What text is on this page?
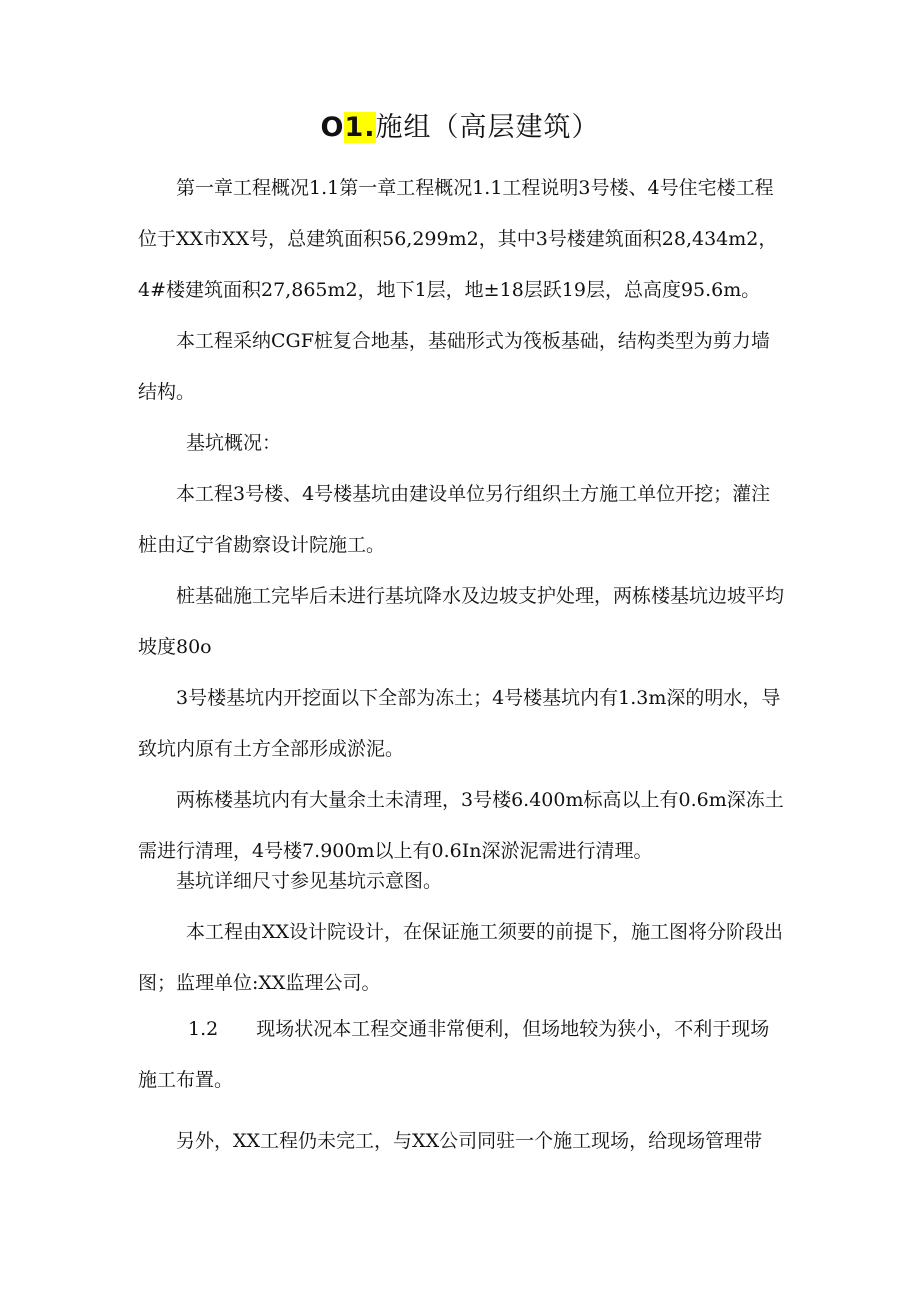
O1.施组（高层建筑）

第一章工程概况1.1第一章工程概况1.1工程说明3号楼、4号住宅楼工程位于XX市XX号，总建筑面积56,299m2，其中3号楼建筑面积28,434m2，4#楼建筑面积27,865m2，地下1层，地±18层跃19层，总高度95.6m。

本工程采纳CGF桩复合地基，基础形式为筏板基础，结构类型为剪力墙结构。

基坑概况：

本工程3号楼、4号楼基坑由建设单位另行组织土方施工单位开挖；灌注桩由辽宁省勘察设计院施工。

桩基础施工完毕后未进行基坑降水及边坡支护处理，两栋楼基坑边坡平均坡度80o

3号楼基坑内开挖面以下全部为冻土；4号楼基坑内有1.3m深的明水，导致坑内原有土方全部形成淤泥。

两栋楼基坑内有大量余土未清理，3号楼6.400m标高以上有0.6m深冻土需进行清理，4号楼7.900m以上有0.6In深淤泥需进行清理。

基坑详细尺寸参见基坑示意图。

本工程由XX设计院设计，在保证施工须要的前提下，施工图将分阶段出图；监理单位:XX监理公司。

1.2　　现场状况本工程交通非常便利，但场地较为狭小，不利于现场施工布置。

另外，XX工程仍未完工，与XX公司同驻一个施工现场，给现场管理带
